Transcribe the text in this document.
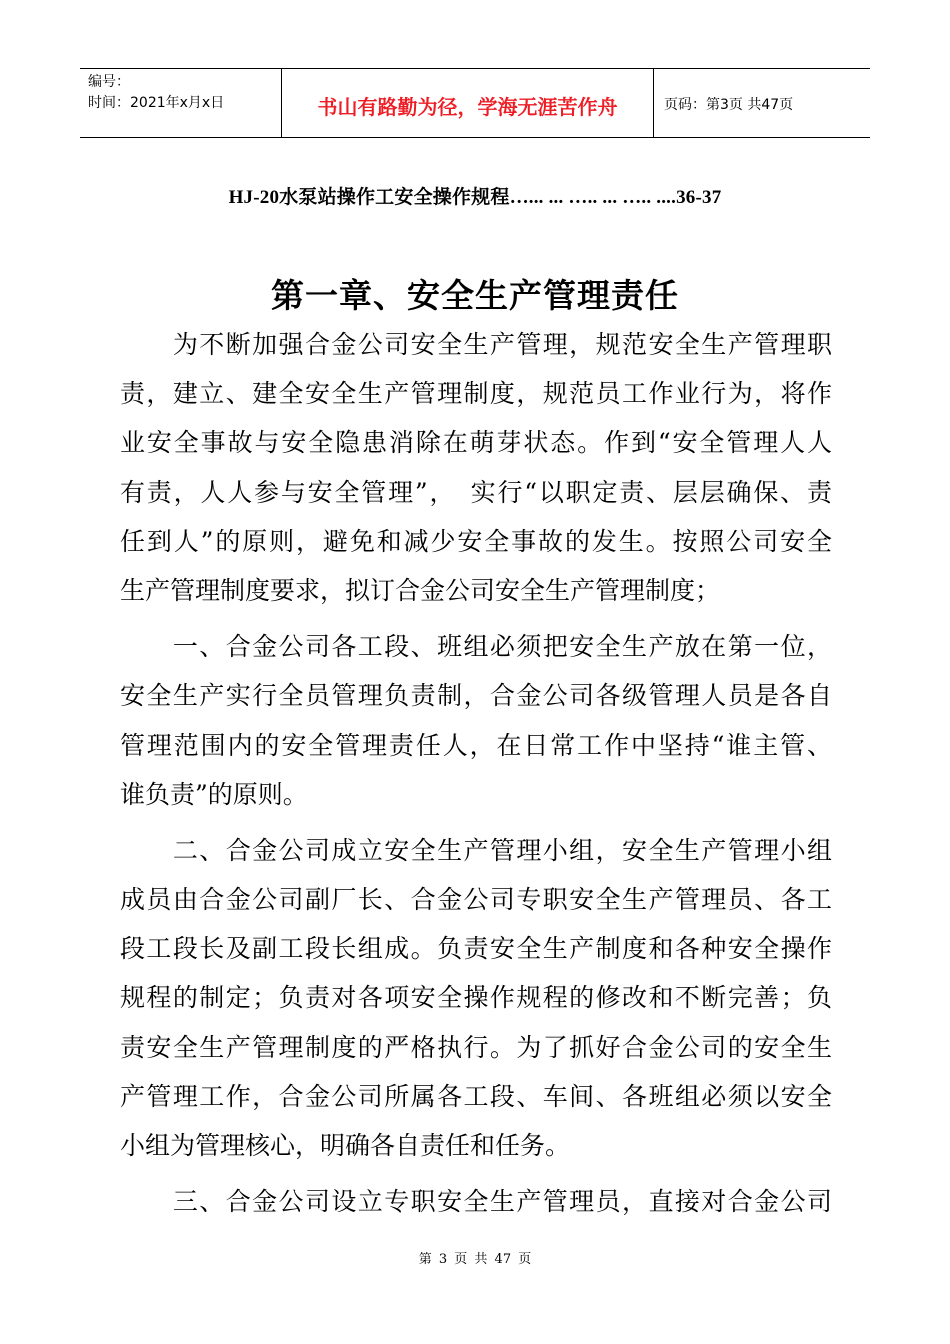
编号：
时间：2021年x月x日	书山有路勤为径，学海无涯苦作舟	页码：第3页 共47页
HJ-20水泵站操作工安全操作规程…... ... ….. ... ….. ....36-37
第一章、安全生产管理责任
　　为不断加强合金公司安全生产管理，规范安全生产管理职
责，建立、建全安全生产管理制度，规范员工作业行为，将作
业安全事故与安全隐患消除在萌芽状态。作到“安全管理人人
有责，人人参与安全管理”，　实行“以职定责、层层确保、责
任到人”的原则，避免和减少安全事故的发生。按照公司安全
生产管理制度要求，拟订合金公司安全生产管理制度；
　　一、合金公司各工段、班组必须把安全生产放在第一位，
安全生产实行全员管理负责制，合金公司各级管理人员是各自
管理范围内的安全管理责任人，在日常工作中坚持“谁主管、
谁负责”的原则。
　　二、合金公司成立安全生产管理小组，安全生产管理小组
成员由合金公司副厂长、合金公司专职安全生产管理员、各工
段工段长及副工段长组成。负责安全生产制度和各种安全操作
规程的制定；负责对各项安全操作规程的修改和不断完善；负
责安全生产管理制度的严格执行。为了抓好合金公司的安全生
产管理工作，合金公司所属各工段、车间、各班组必须以安全
小组为管理核心，明确各自责任和任务。
　　三、合金公司设立专职安全生产管理员，直接对合金公司
第 3 页 共 47 页
